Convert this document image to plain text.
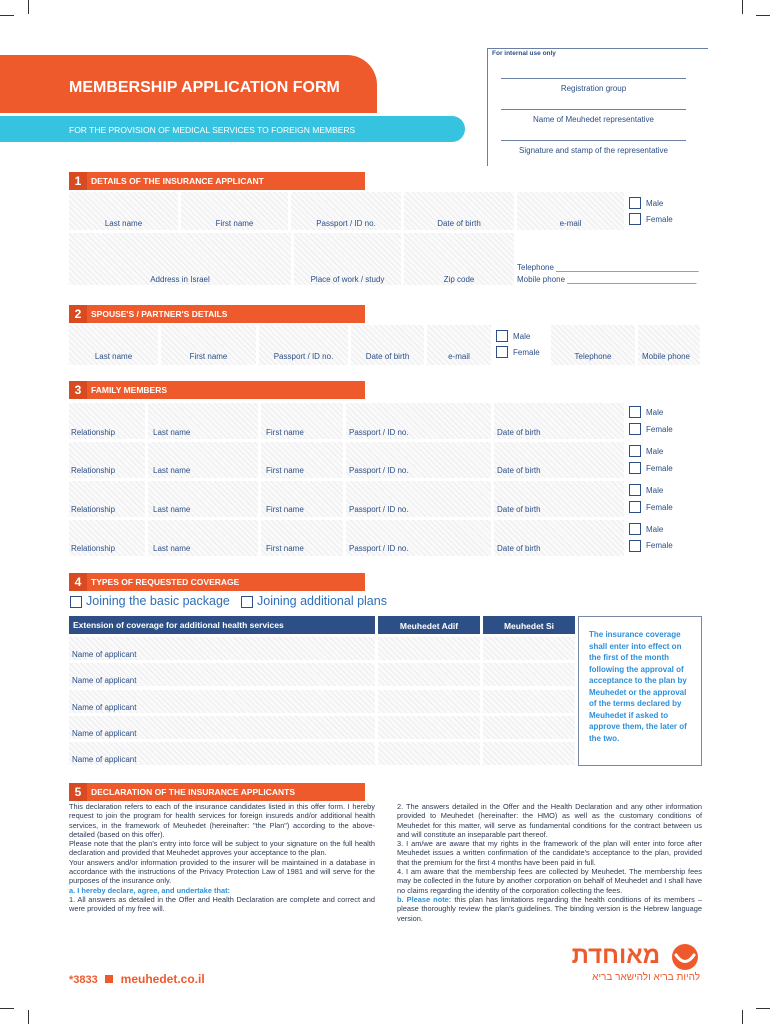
For internal use only
Registration group
Name of Meuhedet representative
Signature and stamp of the representative
FOR THE PROVISION OF MEDICAL SERVICES TO FOREIGN MEMBERS
MEMBERSHIP APPLICATION FORM
1	DETAILS OF THE INSURANCE APPLICANT
Last name	First name	Passport / ID no.	Date of birth	e-mail
Male
Female
Address in Israel	Place of work / study	Zip code
Telephone ________________________________
Mobile phone _____________________________
2	SPOUSE'S / PARTNER'S DETAILS
Last name	First name	Passport / ID no.	Date of birth	e-mail
Male
Female	Telephone	Mobile phone
3	FAMILY MEMBERS
Relationship	Last name	First name	Passport / ID no.	Date of birth
Male
Female
Relationship	Last name	First name	Passport / ID no.	Date of birth
Male
Female
Relationship	Last name	First name	Passport / ID no.	Date of birth
Male
Female
Relationship	Last name	First name	Passport / ID no.	Date of birth
Male
Female
4	TYPES OF REQUESTED COVERAGE
Joining the basic package Joining additional plans
Extension of coverage for additional health services	Meuhedet Adif	Meuhedet Si
Name of applicant
Name of applicant
Name of applicant
Name of applicant
Name of applicant
The insurance coverage shall enter into effect on the first of the month following the approval of acceptance to the plan by Meuhedet or the approval of the terms declared by Meuhedet if asked to approve them, the later of the two.
5	DECLARATION OF THE INSURANCE APPLICANTS
This declaration refers to each of the insurance candidates listed in this offer form. I hereby request to join the program for health services for foreign insureds and/or additional health services, in the framework of Meuhedet (hereinafter: "the Plan") according to the above-detailed (based on this offer).
Please note that the plan's entry into force will be subject to your signature on the full health declaration and provided that Meuhedet approves your acceptance to the plan.
Your answers and/or information provided to the insurer will be maintained in a database in accordance with the instructions of the Privacy Protection Law of 1981 and will serve for the purposes of the insurance only.
a. I hereby declare, agree, and undertake that:
1. All answers as detailed in the Offer and Health Declaration are complete and correct and were provided of my free will.
2. The answers detailed in the Offer and the Health Declaration and any other information provided to Meuhedet (hereinafter: the HMO) as well as the customary conditions of Meuhedet for this matter, will serve as fundamental conditions for the contract between us and will constitute an inseparable part thereof.
3. I am/we are aware that my rights in the framework of the plan will enter into force after Meuhedet issues a written confirmation of the candidate's acceptance to the plan, provided that the premium for the first 4 months have been paid in full.
4. I am aware that the membership fees are collected by Meuhedet. The membership fees may be collected in the future by another corporation on behalf of Meuhedet and I shall have no claims regarding the identity of the corporation collecting the fees.
b. Please note: this plan has limitations regarding the health conditions of its members – please thoroughly review the plan's guidelines. The binding version is the Hebrew language version.
*3833 meuhedet.co.il
מאוחדת
להיות בריא ולהישאר בריא
